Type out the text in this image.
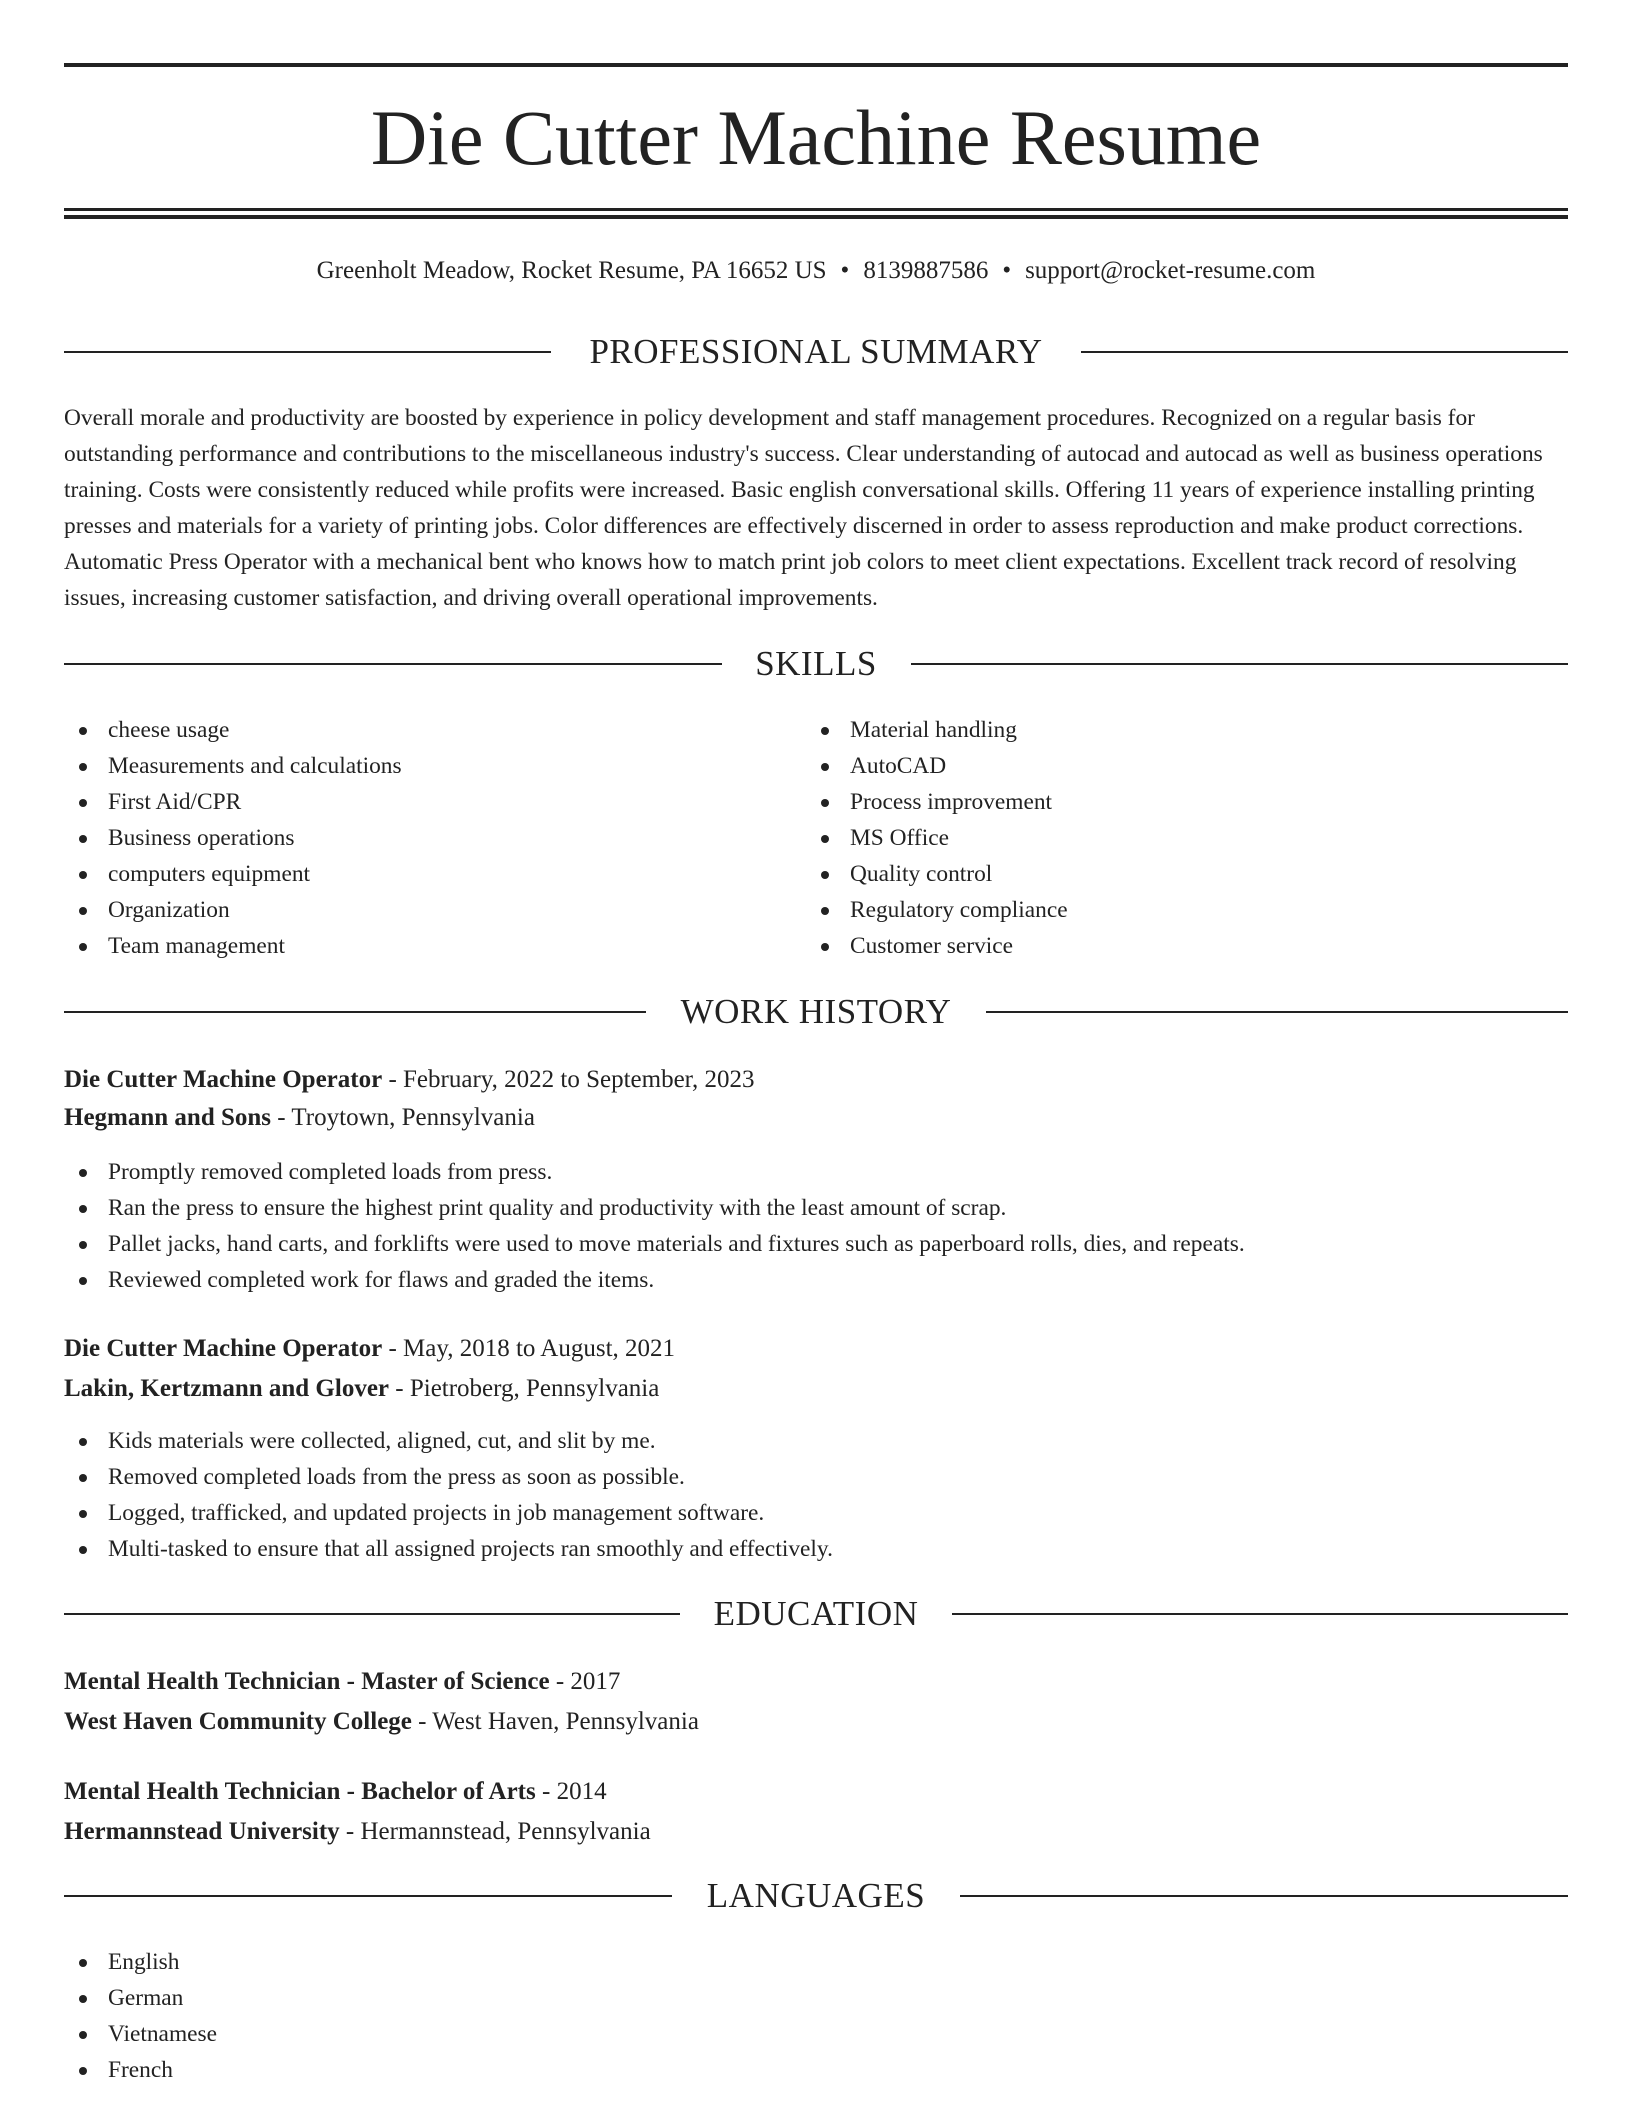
Die Cutter Machine Resume
Greenholt Meadow, Rocket Resume, PA 16652 US • 8139887586 • support@rocket-resume.com
PROFESSIONAL SUMMARY

Overall morale and productivity are boosted by experience in policy development and staff management procedures. Recognized on a regular basis for outstanding performance and contributions to the miscellaneous industry's success. Clear understanding of autocad and autocad as well as business operations training. Costs were consistently reduced while profits were increased. Basic english conversational skills. Offering 11 years of experience installing printing presses and materials for a variety of printing jobs. Color differences are effectively discerned in order to assess reproduction and make product corrections. Automatic Press Operator with a mechanical bent who knows how to match print job colors to meet client expectations. Excellent track record of resolving issues, increasing customer satisfaction, and driving overall operational improvements.

SKILLS
cheese usage
Measurements and calculations
First Aid/CPR
Business operations
computers equipment
Organization
Team management
Material handling
AutoCAD
Process improvement
MS Office
Quality control
Regulatory compliance
Customer service
WORK HISTORY
Die Cutter Machine Operator - February, 2022 to September, 2023
Hegmann and Sons - Troytown, Pennsylvania
Promptly removed completed loads from press.
Ran the press to ensure the highest print quality and productivity with the least amount of scrap.
Pallet jacks, hand carts, and forklifts were used to move materials and fixtures such as paperboard rolls, dies, and repeats.
Reviewed completed work for flaws and graded the items.
Die Cutter Machine Operator - May, 2018 to August, 2021
Lakin, Kertzmann and Glover - Pietroberg, Pennsylvania
Kids materials were collected, aligned, cut, and slit by me.
Removed completed loads from the press as soon as possible.
Logged, trafficked, and updated projects in job management software.
Multi-tasked to ensure that all assigned projects ran smoothly and effectively.
EDUCATION
Mental Health Technician - Master of Science - 2017
West Haven Community College - West Haven, Pennsylvania
Mental Health Technician - Bachelor of Arts - 2014
Hermannstead University - Hermannstead, Pennsylvania
LANGUAGES
English
German
Vietnamese
French
